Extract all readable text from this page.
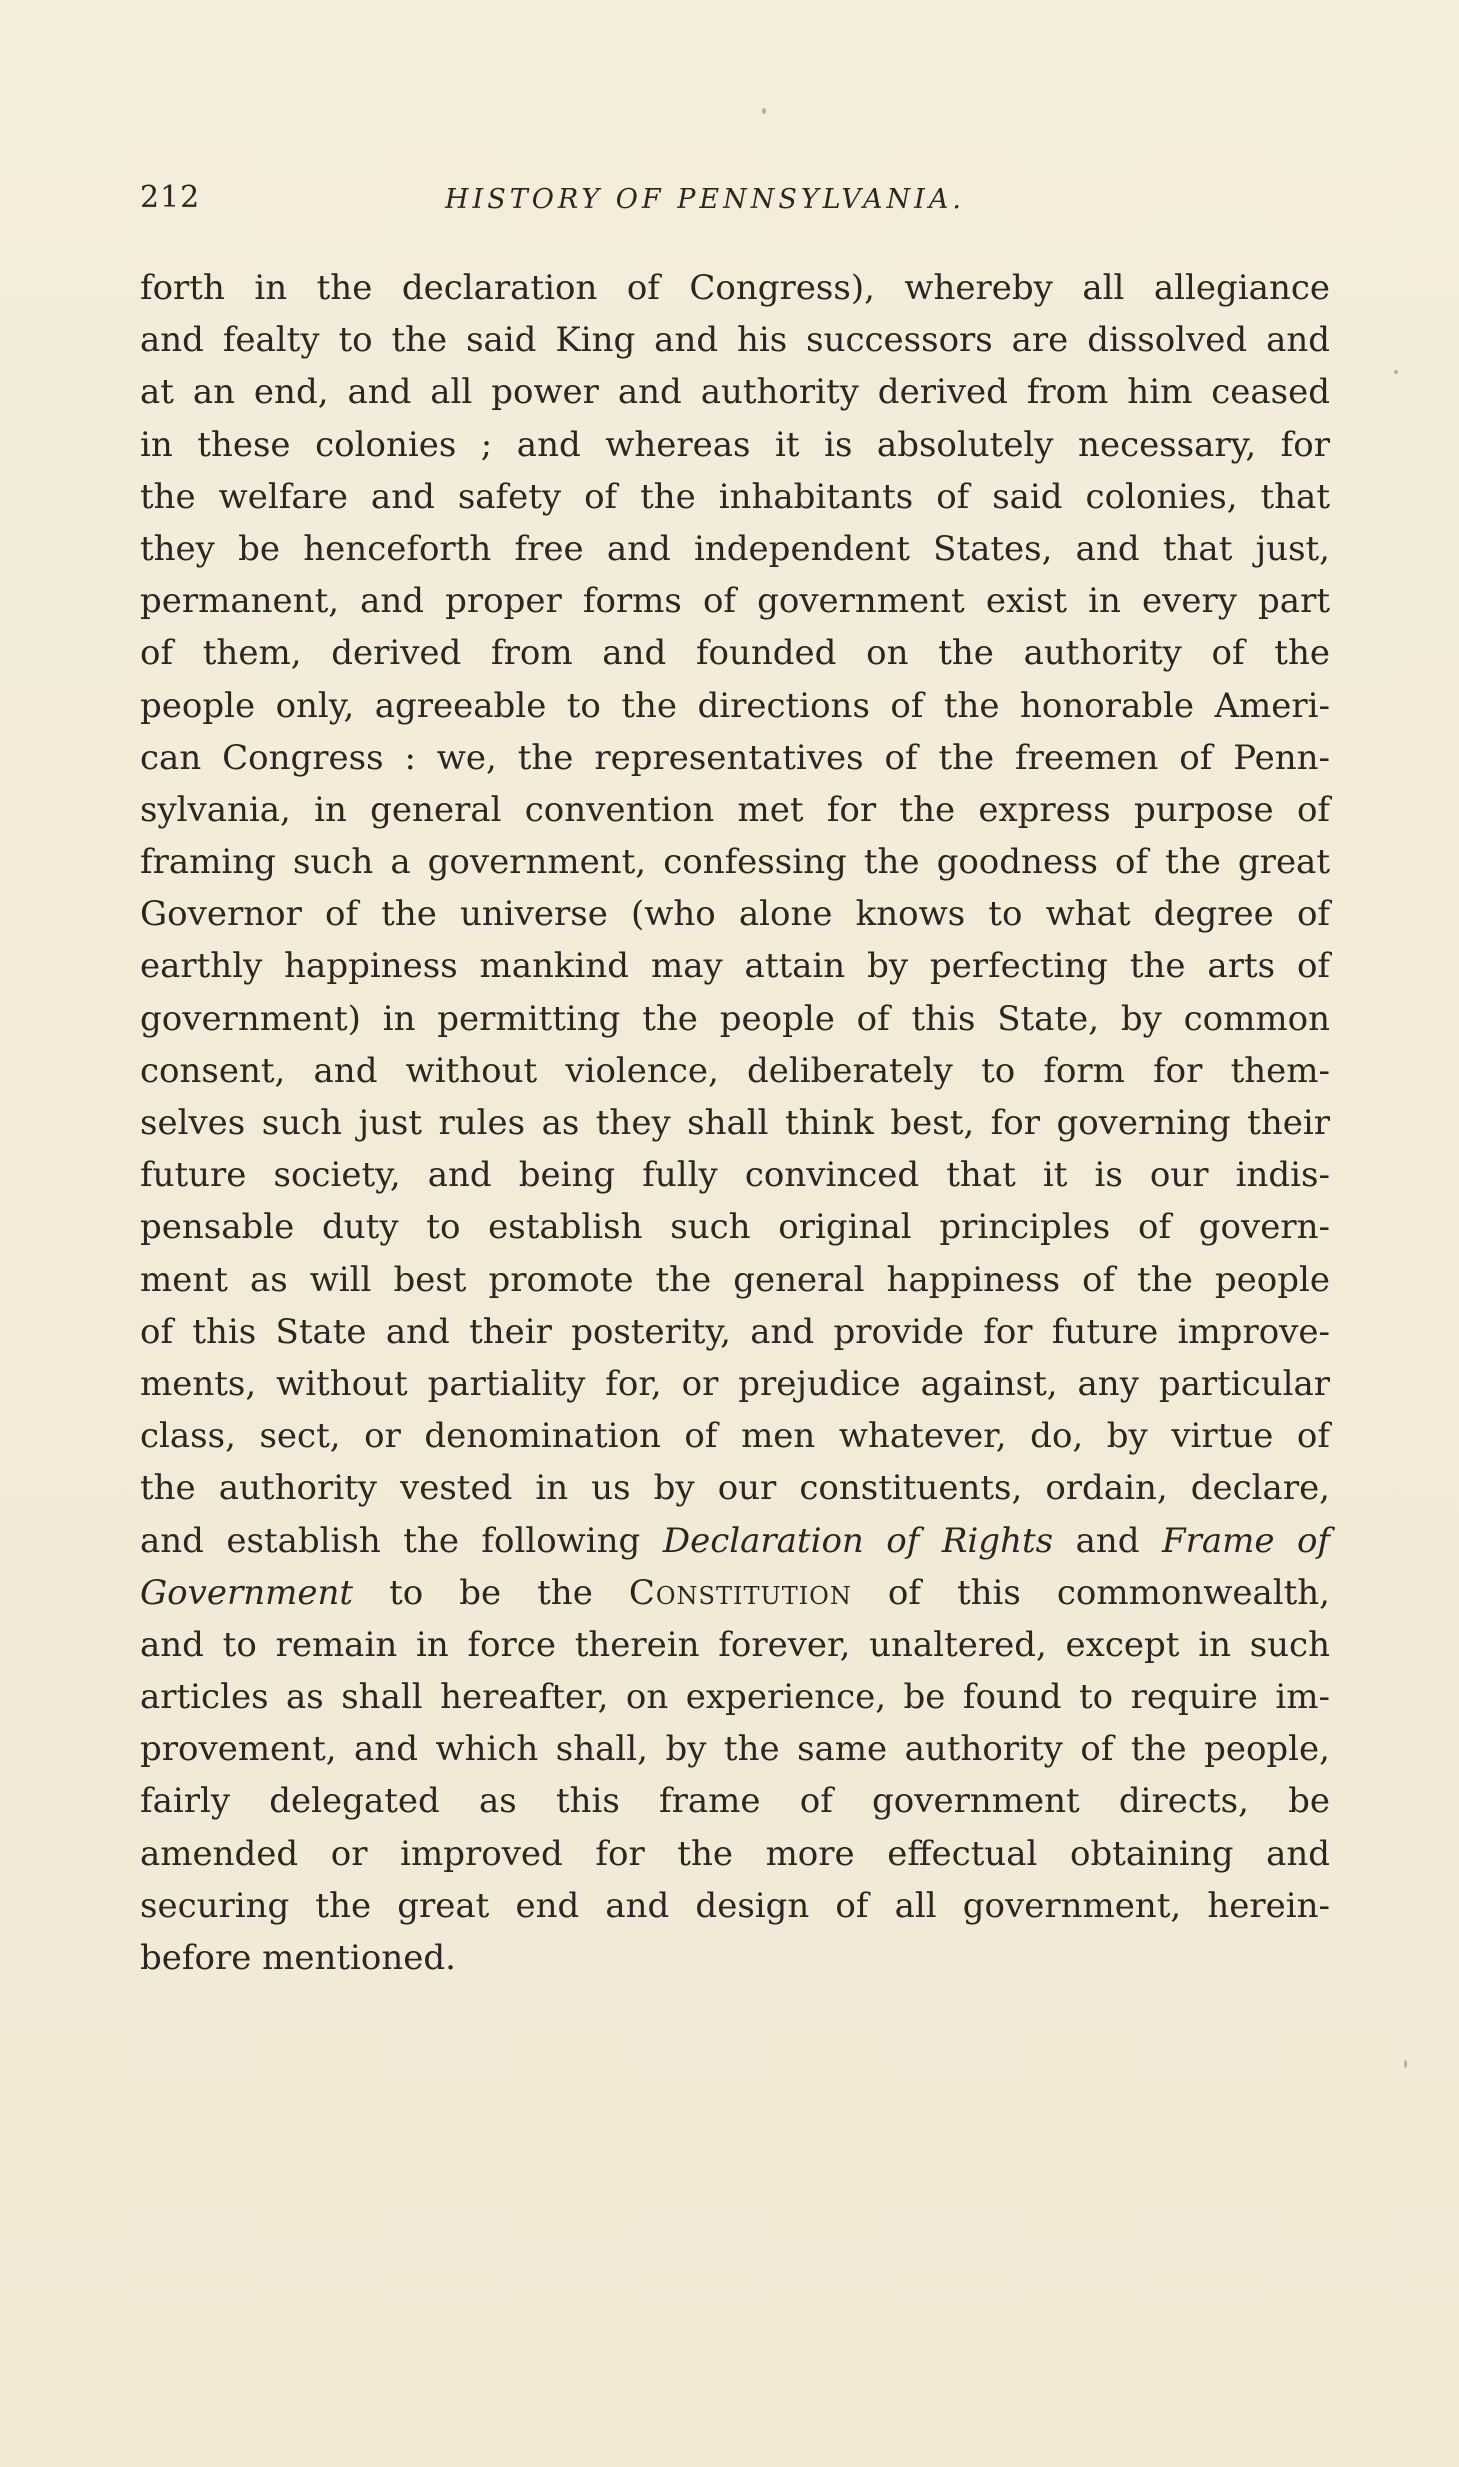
212	HISTORY OF PENNSYLVANIA.
forth in the declaration of Congress), whereby all allegiance
and fealty to the said King and his successors are dissolved and
at an end, and all power and authority derived from him ceased
in these colonies ; and whereas it is absolutely necessary, for
the welfare and safety of the inhabitants of said colonies, that
they be henceforth free and independent States, and that just,
permanent, and proper forms of government exist in every part
of them, derived from and founded on the authority of the
people only, agreeable to the directions of the honorable Ameri-
can Congress : we, the representatives of the freemen of Penn-
sylvania, in general convention met for the express purpose of
framing such a government, confessing the goodness of the great
Governor of the universe (who alone knows to what degree of
earthly happiness mankind may attain by perfecting the arts of
government) in permitting the people of this State, by common
consent, and without violence, deliberately to form for them-
selves such just rules as they shall think best, for governing their
future society, and being fully convinced that it is our indis-
pensable duty to establish such original principles of govern-
ment as will best promote the general happiness of the people
of this State and their posterity, and provide for future improve-
ments, without partiality for, or prejudice against, any particular
class, sect, or denomination of men whatever, do, by virtue of
the authority vested in us by our constituents, ordain, declare,
and establish the following Declaration of Rights and Frame of
Government to be the Constitution of this commonwealth,
and to remain in force therein forever, unaltered, except in such
articles as shall hereafter, on experience, be found to require im-
provement, and which shall, by the same authority of the people,
fairly delegated as this frame of government directs, be
amended or improved for the more effectual obtaining and
securing the great end and design of all government, herein-
before mentioned.
